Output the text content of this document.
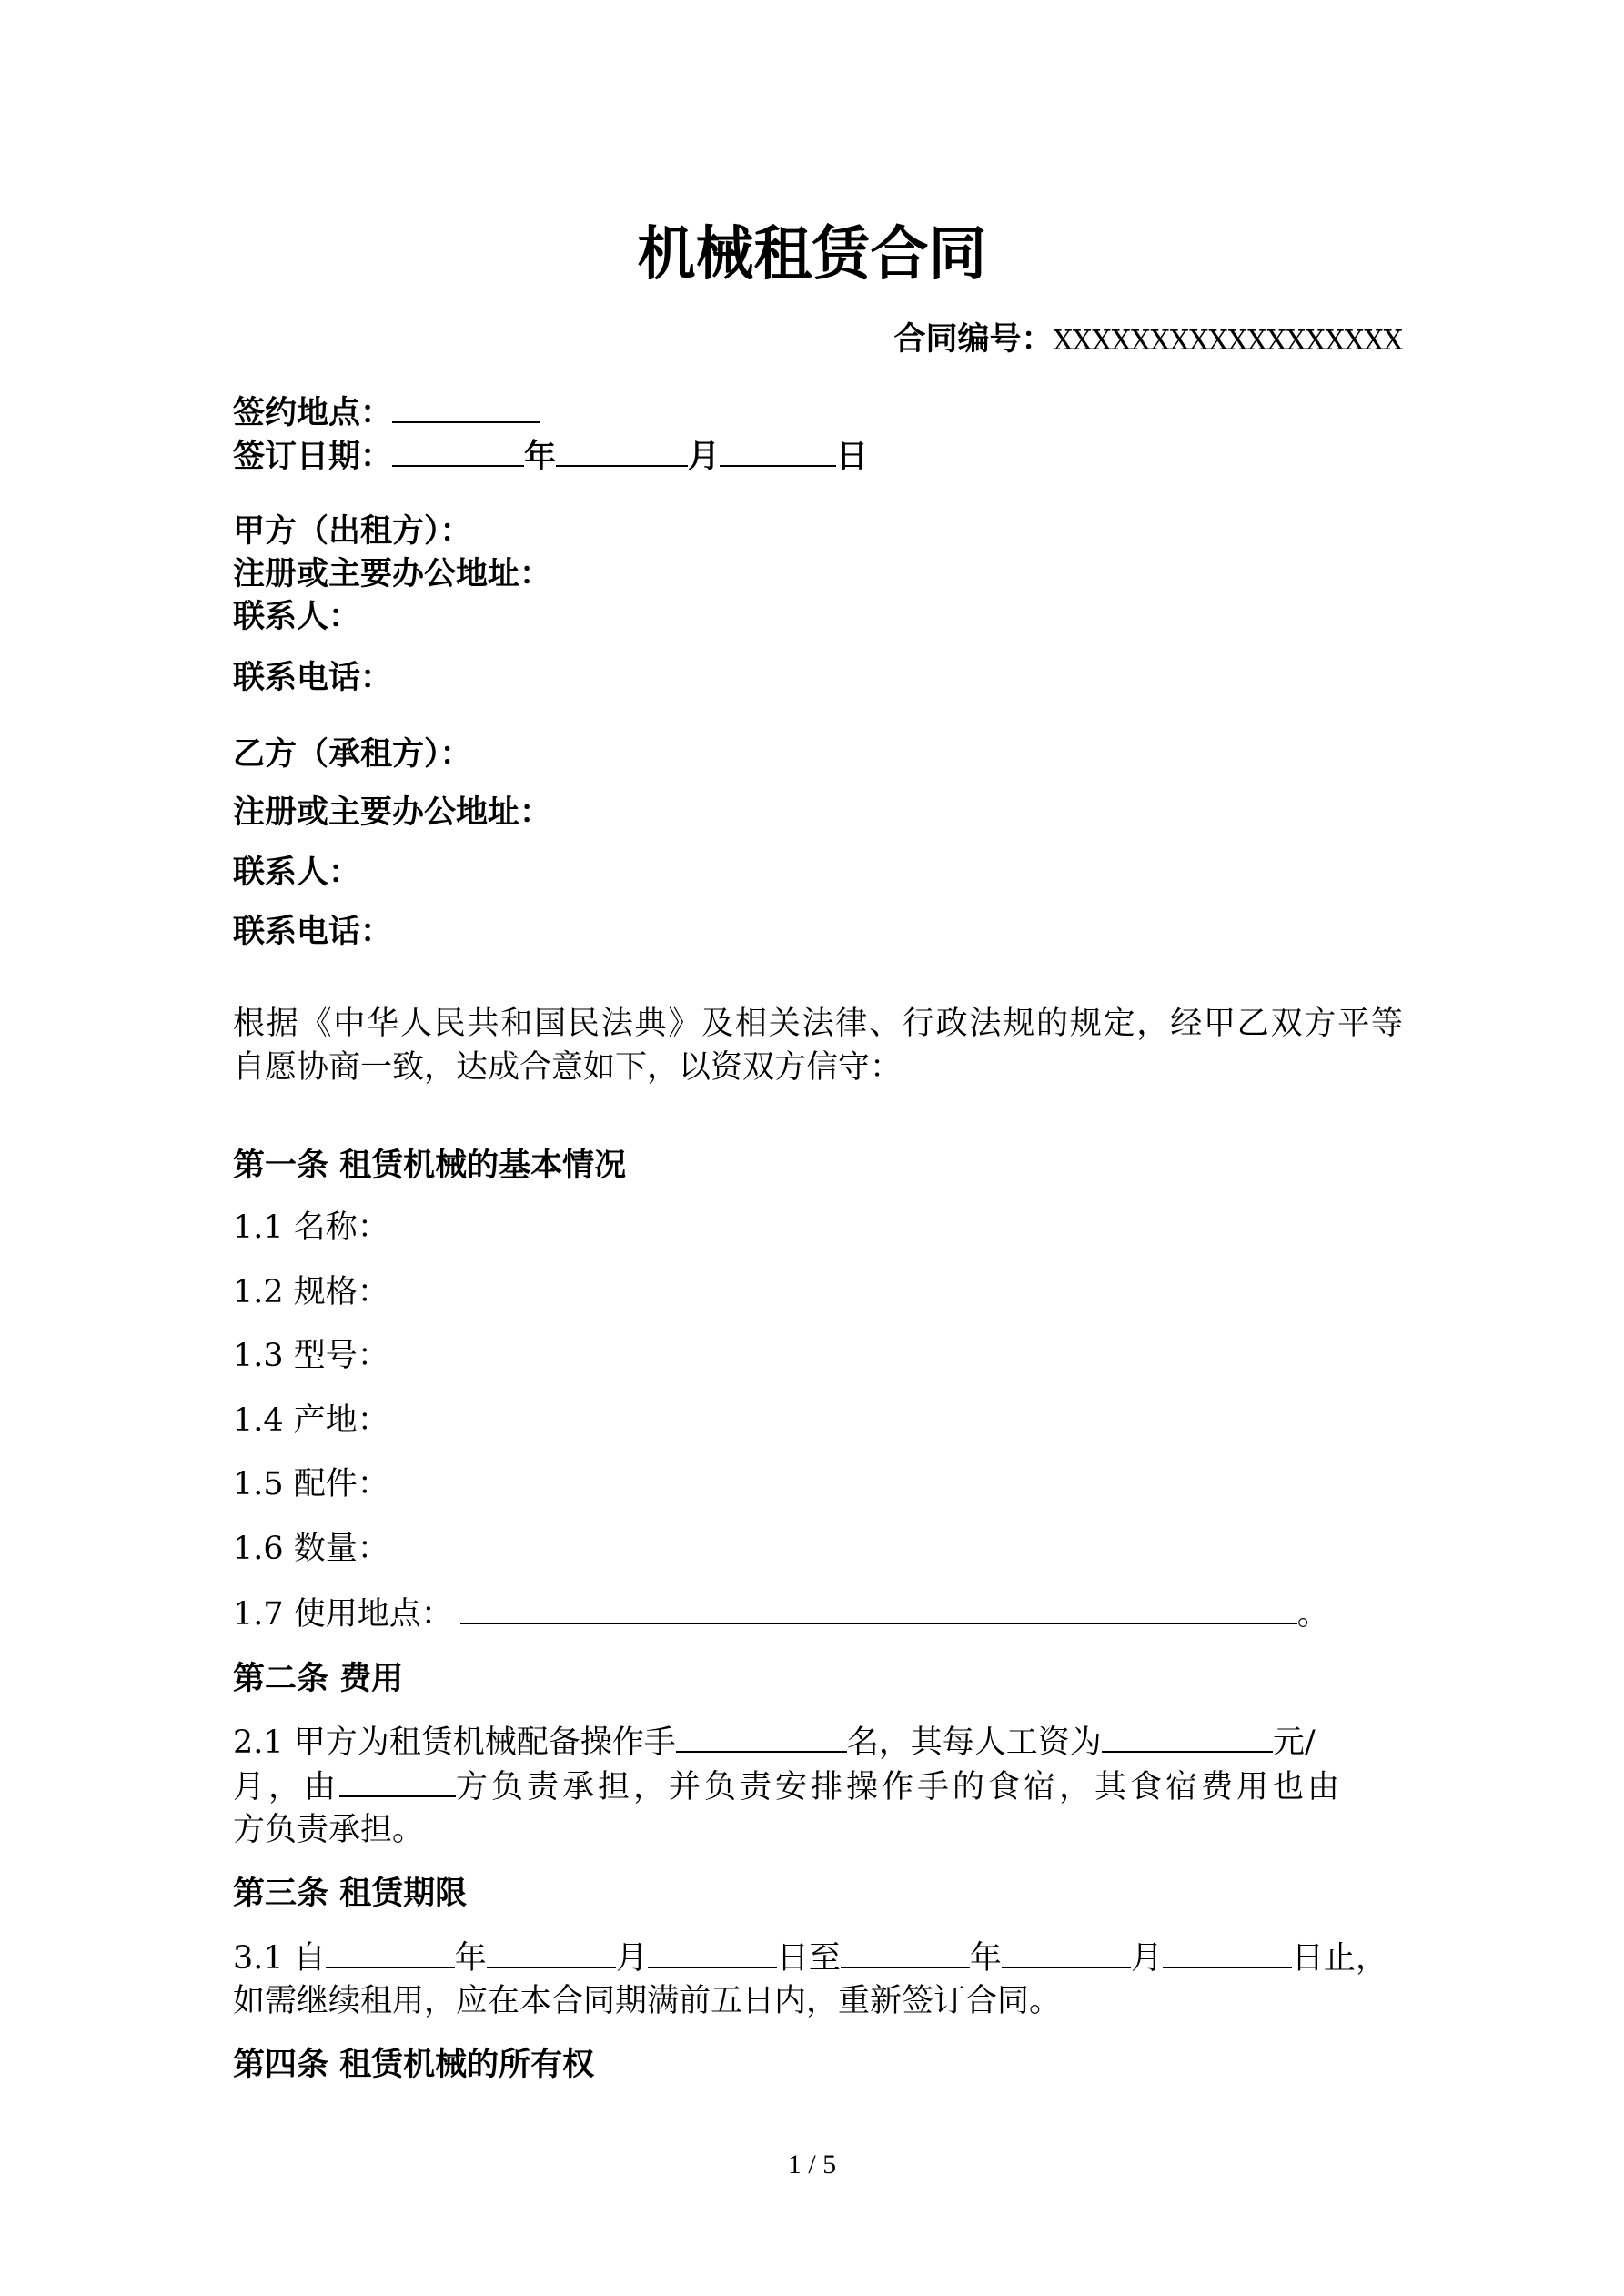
机械租赁合同
合同编号：XXXXXXXXXXXXXXXXXX
签约地点：
签订日期：	年	月	日
甲方（出租方）：
注册或主要办公地址：
联系人：
联系电话：
乙方（承租方）：
注册或主要办公地址：
联系人：
联系电话：
根据《中华人民共和国民法典》及相关法律、行政法规的规定，经甲乙双方平等
自愿协商一致，达成合意如下，以资双方信守：
第一条 租赁机械的基本情况
1.1 名称：
1.2 规格：
1.3 型号：
1.4 产地：
1.5 配件：
1.6 数量：
1.7 使用地点：	。
第二条 费用
2.1 甲方为租赁机械配备操作手	名，其每人工资为	元/
月，由	方负责承担，并负责安排操作手的食宿，其食宿费用也由
方负责承担。
第三条 租赁期限
3.1 自	年	月	日至	年	月	日止，
如需继续租用，应在本合同期满前五日内，重新签订合同。
第四条 租赁机械的所有权
1 / 5
